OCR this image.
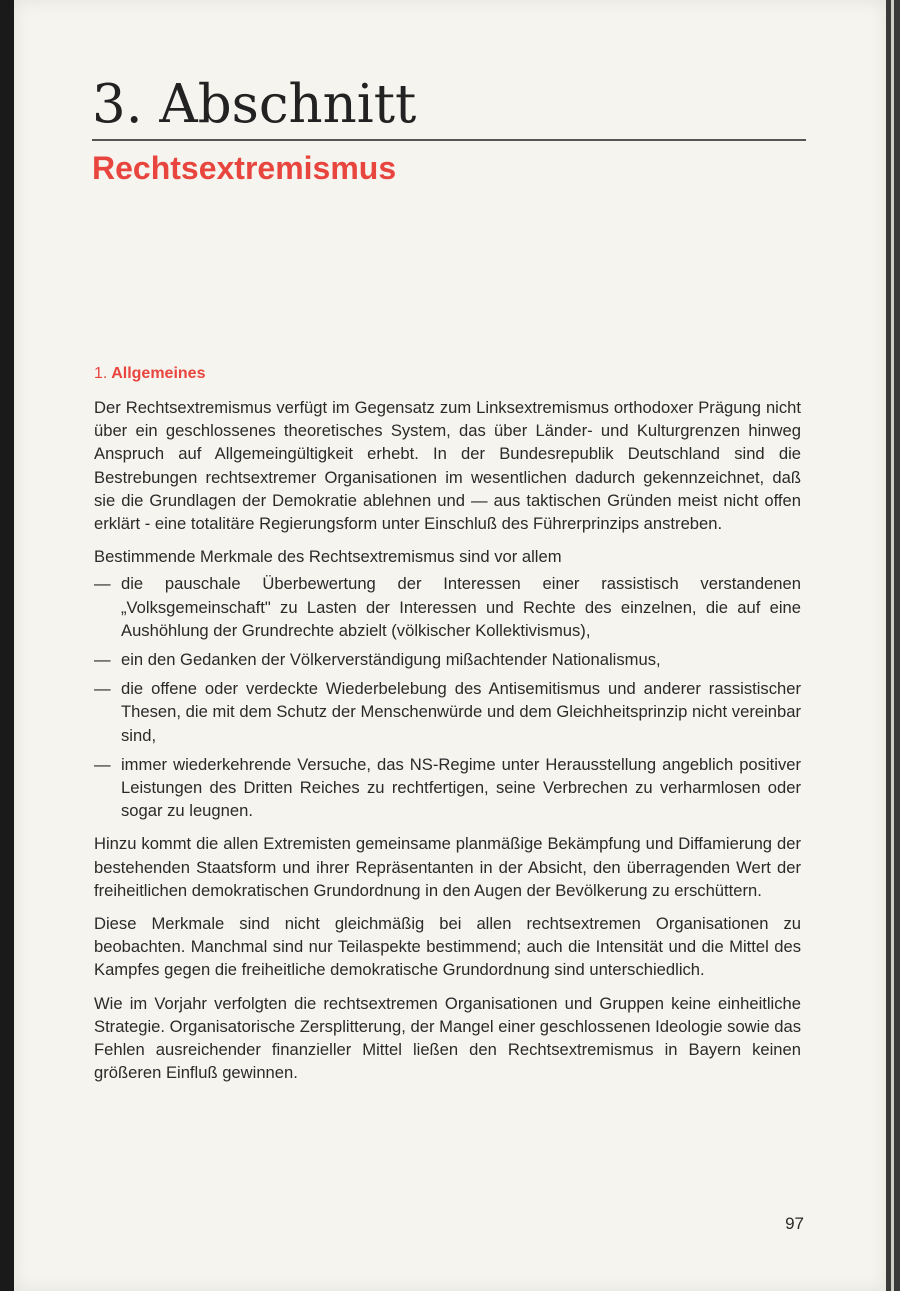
3. Abschnitt
Rechtsextremismus
1. Allgemeines

Der Rechtsextremismus verfügt im Gegensatz zum Linksextremismus orthodoxer Prägung nicht über ein geschlossenes theoretisches System, das über Länder- und Kulturgrenzen hinweg Anspruch auf Allgemeingültigkeit erhebt. In der Bundesrepublik Deutschland sind die Bestrebungen rechtsextremer Organisationen im wesentlichen dadurch gekennzeichnet, daß sie die Grundlagen der Demokratie ablehnen und — aus taktischen Gründen meist nicht offen erklärt - eine totalitäre Regierungsform unter Einschluß des Führerprinzips anstreben.

Bestimmende Merkmale des Rechtsextremismus sind vor allem

— die pauschale Überbewertung der Interessen einer rassistisch verstandenen „Volksgemeinschaft" zu Lasten der Interessen und Rechte des einzelnen, die auf eine Aushöhlung der Grundrechte abzielt (völkischer Kollektivismus),
— ein den Gedanken der Völkerverständigung mißachtender Nationalismus,
— die offene oder verdeckte Wiederbelebung des Antisemitismus und anderer rassistischer Thesen, die mit dem Schutz der Menschenwürde und dem Gleichheitsprinzip nicht vereinbar sind,
— immer wiederkehrende Versuche, das NS-Regime unter Herausstellung angeblich positiver Leistungen des Dritten Reiches zu rechtfertigen, seine Verbrechen zu verharmlosen oder sogar zu leugnen.

Hinzu kommt die allen Extremisten gemeinsame planmäßige Bekämpfung und Diffamierung der bestehenden Staatsform und ihrer Repräsentanten in der Absicht, den überragenden Wert der freiheitlichen demokratischen Grundordnung in den Augen der Bevölkerung zu erschüttern.

Diese Merkmale sind nicht gleichmäßig bei allen rechtsextremen Organisationen zu beobachten. Manchmal sind nur Teilaspekte bestimmend; auch die Intensität und die Mittel des Kampfes gegen die freiheitliche demokratische Grundordnung sind unterschiedlich.

Wie im Vorjahr verfolgten die rechtsextremen Organisationen und Gruppen keine einheitliche Strategie. Organisatorische Zersplitterung, der Mangel einer geschlossenen Ideologie sowie das Fehlen ausreichender finanzieller Mittel ließen den Rechtsextremismus in Bayern keinen größeren Einfluß gewinnen.

97
